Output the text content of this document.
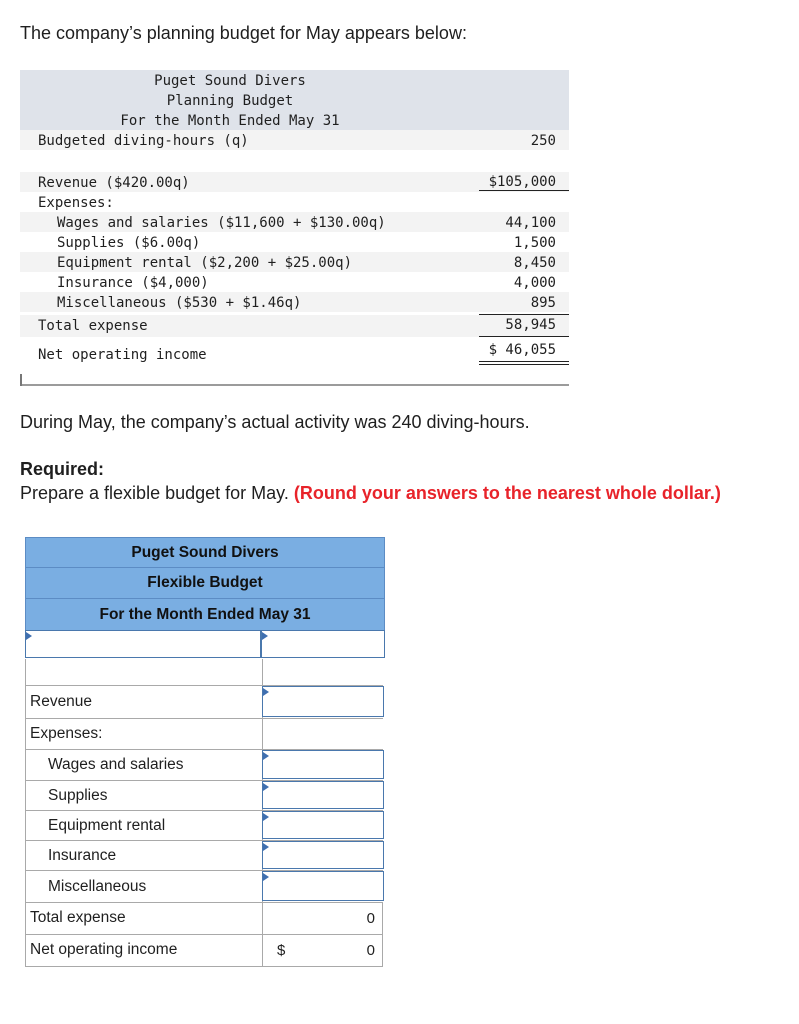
The company’s planning budget for May appears below:
Puget Sound Divers
Planning Budget
For the Month Ended May 31
Budgeted diving-hours (q)	250
Revenue ($420.00q)	$105,000
Expenses:
Wages and salaries ($11,600 + $130.00q)	44,100
Supplies ($6.00q)	1,500
Equipment rental ($2,200 + $25.00q)	8,450
Insurance ($4,000)	4,000
Miscellaneous ($530 + $1.46q)	895
Total expense	58,945
Net operating income	$ 46,055
During May, the company’s actual activity was 240 diving-hours.
Required:
Prepare a flexible budget for May. (Round your answers to the nearest whole dollar.)
Puget Sound Divers
Flexible Budget
For the Month Ended May 31
Revenue
Expenses:
Wages and salaries
Supplies
Equipment rental
Insurance
Miscellaneous
Total expense	0
Net operating income	$	0
